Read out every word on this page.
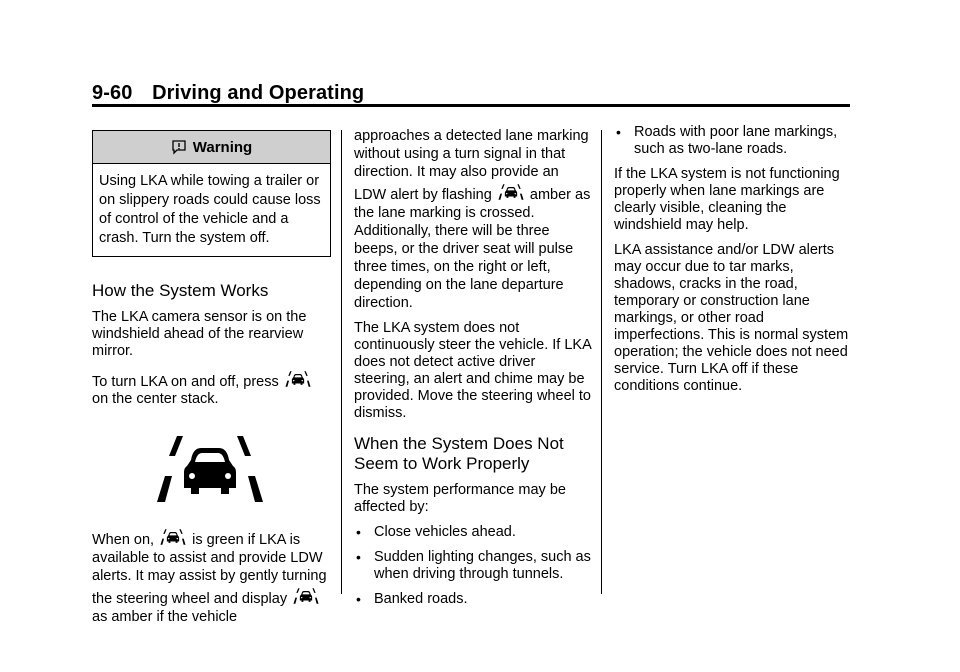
9-60 Driving and Operating
Warning
Using LKA while towing a trailer or on slippery roads could cause loss of control of the vehicle and a crash. Turn the system off.
How the System Works

The LKA camera sensor is on the windshield ahead of the rearview mirror.

To turn LKA on and off, press
on the center stack.

When on,	is green if LKA is available to assist and provide LDW alerts. It may assist by gently turning the steering wheel and display  as amber if the vehicle

approaches a detected lane marking without using a turn signal in that direction. It may also provide an LDW alert by flashing	amber as the lane marking is crossed. Additionally, there will be three beeps, or the driver seat will pulse three times, on the right or left, depending on the lane departure direction.

The LKA system does not continuously steer the vehicle. If LKA does not detect active driver steering, an alert and chime may be provided. Move the steering wheel to dismiss.

When the System Does Not Seem to Work Properly

The system performance may be affected by:

• Close vehicles ahead.
• Sudden lighting changes, such as when driving through tunnels.
• Banked roads.
• Roads with poor lane markings, such as two-lane roads.

If the LKA system is not functioning properly when lane markings are clearly visible, cleaning the windshield may help.

LKA assistance and/or LDW alerts may occur due to tar marks, shadows, cracks in the road, temporary or construction lane markings, or other road imperfections. This is normal system operation; the vehicle does not need service. Turn LKA off if these conditions continue.
